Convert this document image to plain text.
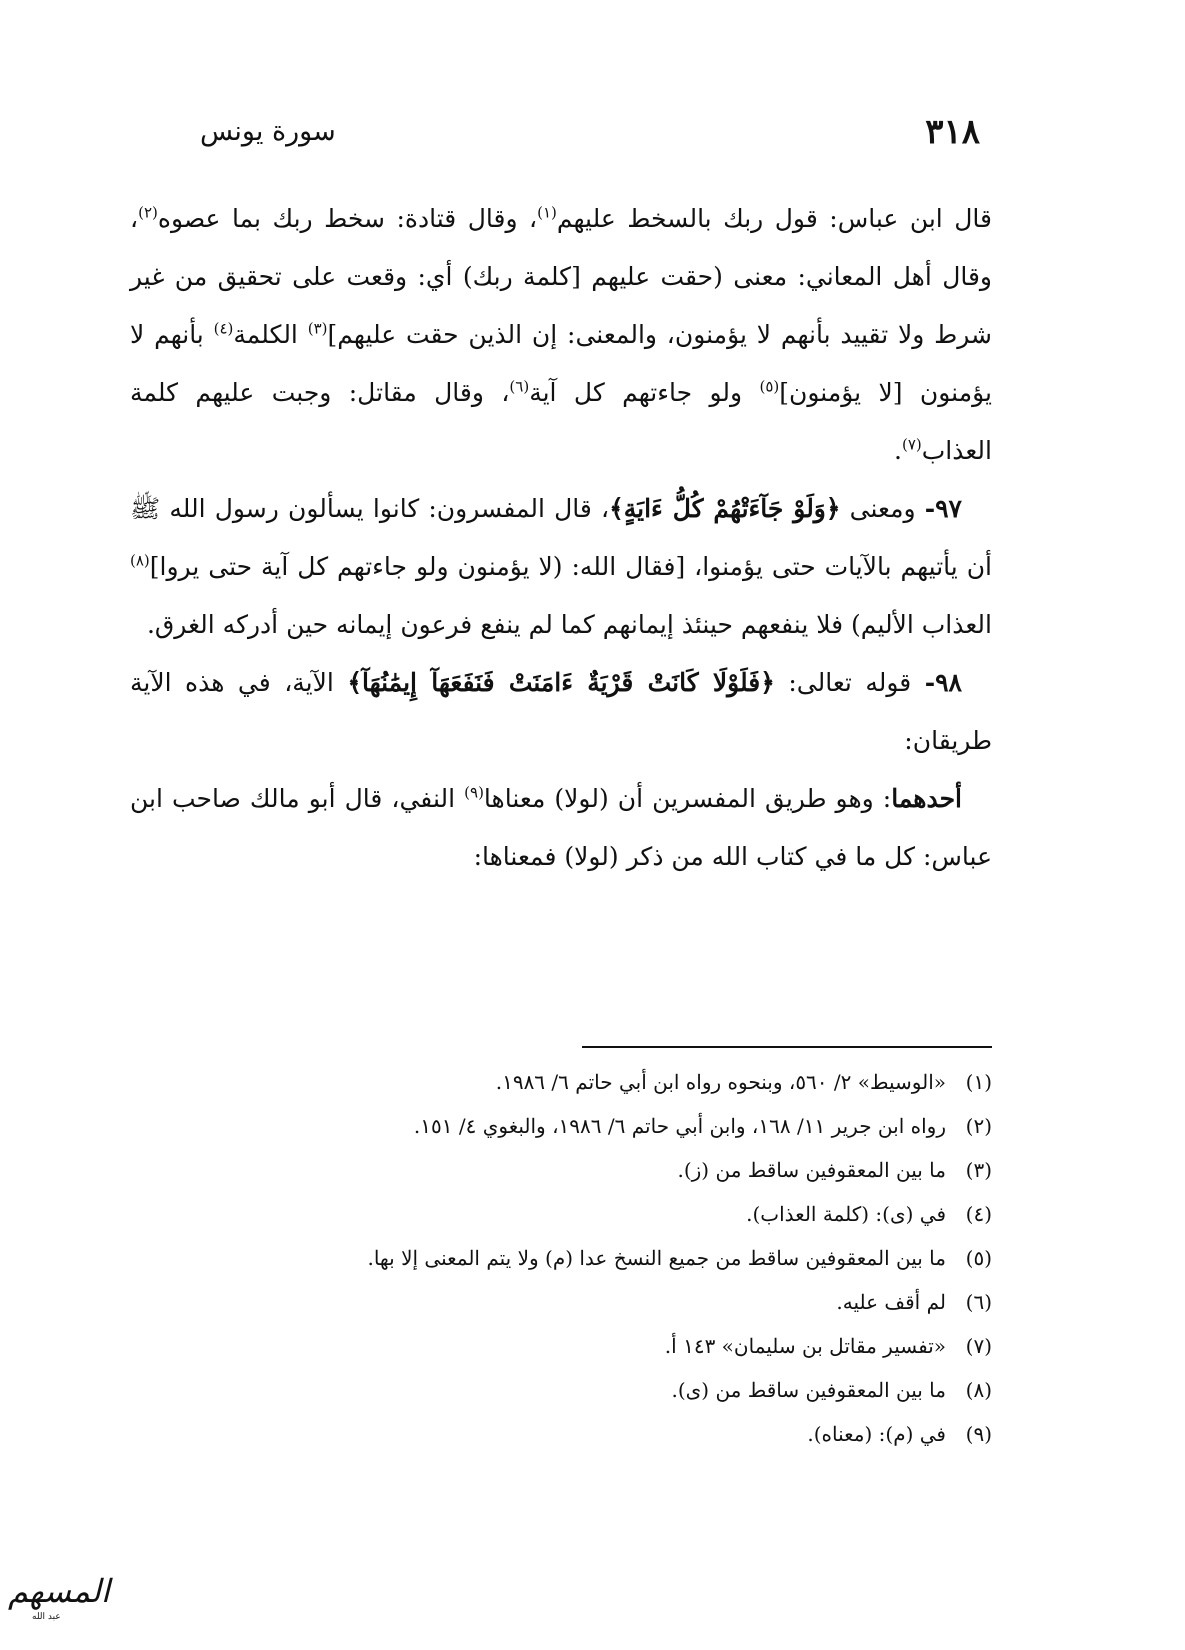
٣١٨
سورة يونس

قال ابن عباس: قول ربك بالسخط عليهم$^{(١)}$، وقال قتادة: سخط ربك بما عصوه$^{(٢)}$، وقال أهل المعاني: معنى (حقت عليهم [كلمة ربك) أي: وقعت على تحقيق من غير شرط ولا تقييد بأنهم لا يؤمنون، والمعنى: إن الذين حقت عليهم]$^{(٣)}$ الكلمة$^{(٤)}$ بأنهم لا يؤمنون [لا يؤمنون]$^{(٥)}$ ولو جاءتهم كل آية$^{(٦)}$، وقال مقاتل: وجبت عليهم كلمة العذاب$^{(٧)}$.

٩٧- ومعنى ﴿وَلَوْ جَآءَتْهُمْ كُلُّ ءَايَةٍ﴾، قال المفسرون: كانوا يسألون رسول الله ﷺ أن يأتيهم بالآيات حتى يؤمنوا، [فقال الله: (لا يؤمنون ولو جاءتهم كل آية حتى يروا]$^{(٨)}$ العذاب الأليم) فلا ينفعهم حينئذ إيمانهم كما لم ينفع فرعون إيمانه حين أدركه الغرق.

٩٨- قوله تعالى: ﴿فَلَوْلَا كَانَتْ قَرْيَةٌ ءَامَنَتْ فَنَفَعَهَآ إِيمَٰنُهَآ﴾ الآية، في هذه الآية طريقان:

أحدهما: وهو طريق المفسرين أن (لولا) معناها$^{(٩)}$ النفي، قال أبو مالك صاحب ابن عباس: كل ما في كتاب الله من ذكر (لولا) فمعناها:

(١)«الوسيط» ٢/ ٥٦٠، وبنحوه رواه ابن أبي حاتم ٦/ ١٩٨٦.

(٢)رواه ابن جرير ١١/ ١٦٨، وابن أبي حاتم ٦/ ١٩٨٦، والبغوي ٤/ ١٥١.

(٣)ما بين المعقوفين ساقط من (ز).

(٤)في (ى): (كلمة العذاب).

(٥)ما بين المعقوفين ساقط من جميع النسخ عدا (م) ولا يتم المعنى إلا بها.

(٦)لم أقف عليه.

(٧)«تفسير مقاتل بن سليمان» ١٤٣ أ.

(٨)ما بين المعقوفين ساقط من (ى).

(٩)في (م): (معناه).

المسهم
عبد الله
